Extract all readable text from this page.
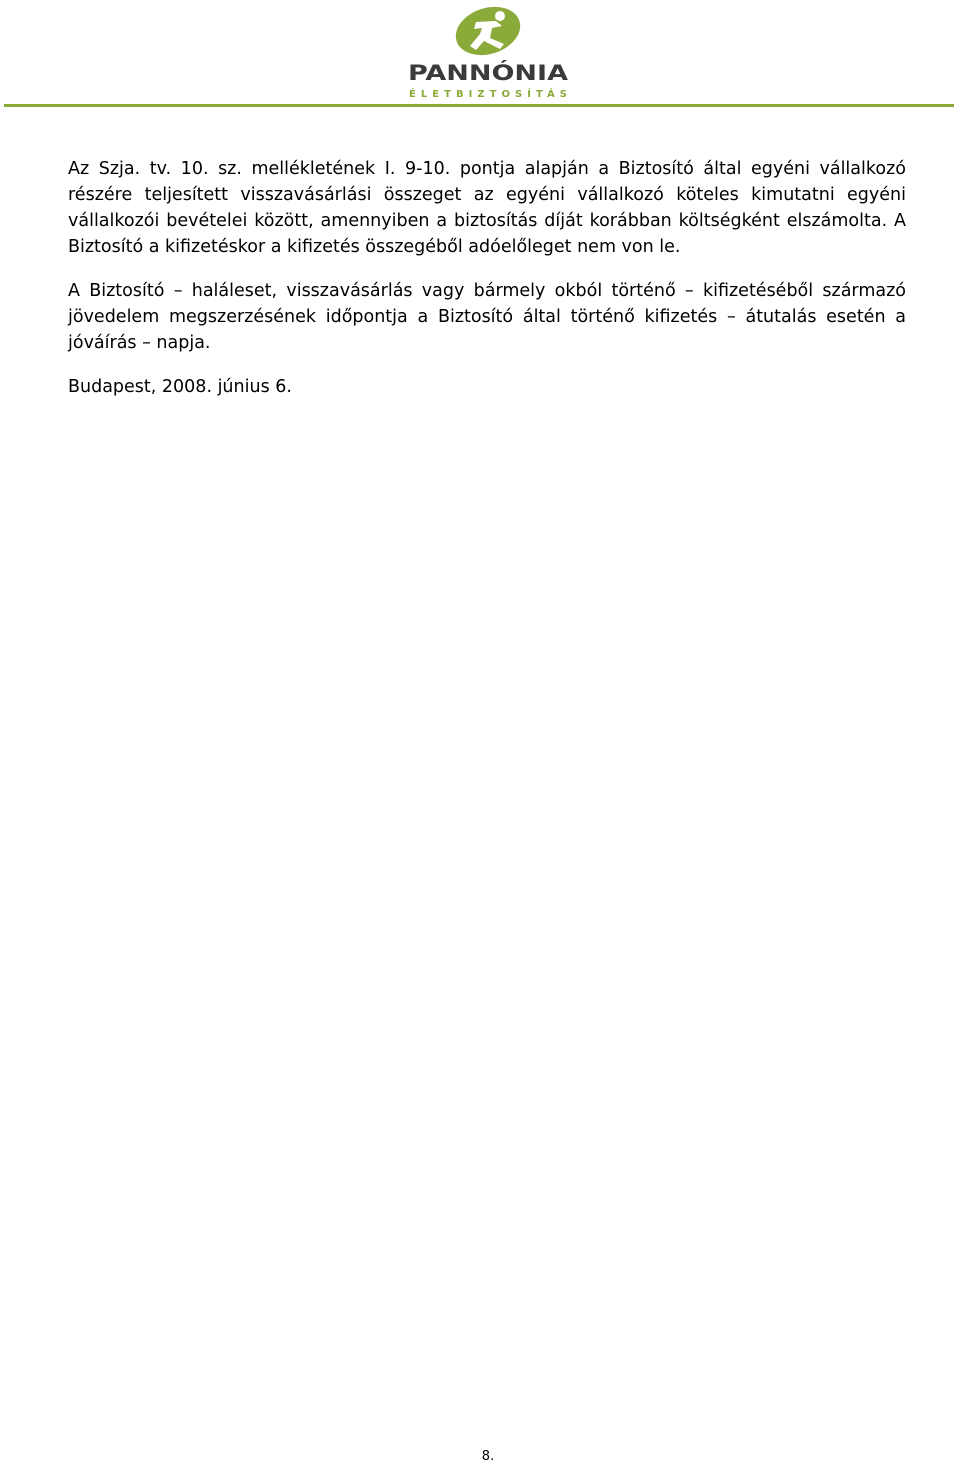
PANNÓNIA
ÉLETBIZTOSÍTÁS

Az Szja. tv. 10. sz. mellékletének I. 9-10. pontja alapján a Biztosító által egyéni vállalkozó részére teljesített visszavásárlási összeget az egyéni vállalkozó köteles kimutatni egyéni vállalkozói bevételei között, amennyiben a biztosítás díját korábban költségként elszámolta. A Biztosító a kifizetéskor a kifizetés összegéből adóelőleget nem von le.

A Biztosító – haláleset, visszavásárlás vagy bármely okból történő – kifizetéséből származó jövedelem megszerzésének időpontja a Biztosító által történő kifizetés – átutalás esetén a jóváírás – napja.

Budapest, 2008. június 6.

8.
